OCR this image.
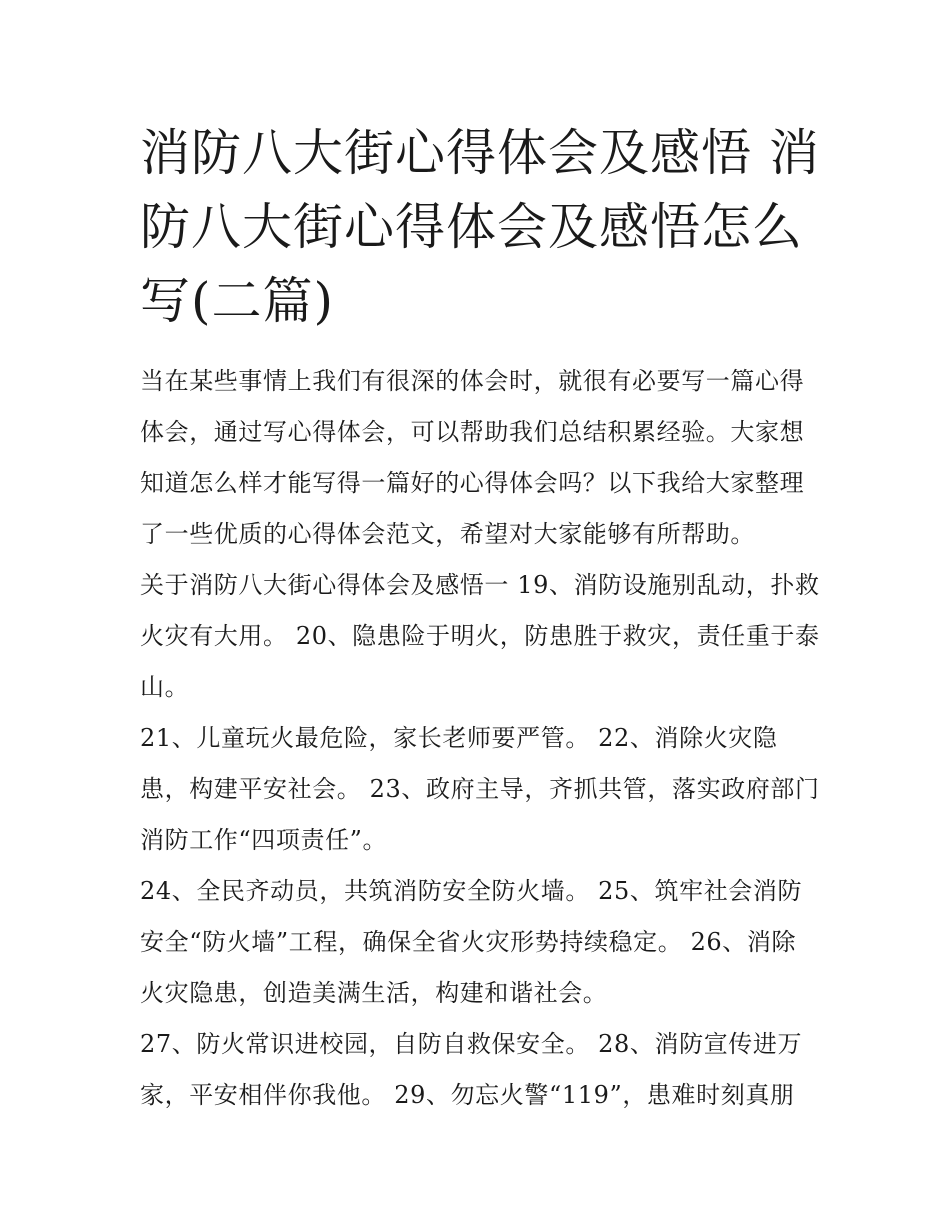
消防八大街心得体会及感悟 消防八大街心得体会及感悟怎么写(二篇)

当在某些事情上我们有很深的体会时，就很有必要写一篇心得体会，通过写心得体会，可以帮助我们总结积累经验。大家想知道怎么样才能写得一篇好的心得体会吗？以下我给大家整理了一些优质的心得体会范文，希望对大家能够有所帮助。

关于消防八大街心得体会及感悟一 19、消防设施别乱动，扑救火灾有大用。 20、隐患险于明火，防患胜于救灾，责任重于泰山。

21、儿童玩火最危险，家长老师要严管。 22、消除火灾隐患，构建平安社会。 23、政府主导，齐抓共管，落实政府部门消防工作“四项责任”。

24、全民齐动员，共筑消防安全防火墙。 25、筑牢社会消防安全“防火墙”工程，确保全省火灾形势持续稳定。 26、消除火灾隐患，创造美满生活，构建和谐社会。

27、防火常识进校园，自防自救保安全。 28、消防宣传进万家，平安相伴你我他。 29、勿忘火警“119”，患难时刻真朋
